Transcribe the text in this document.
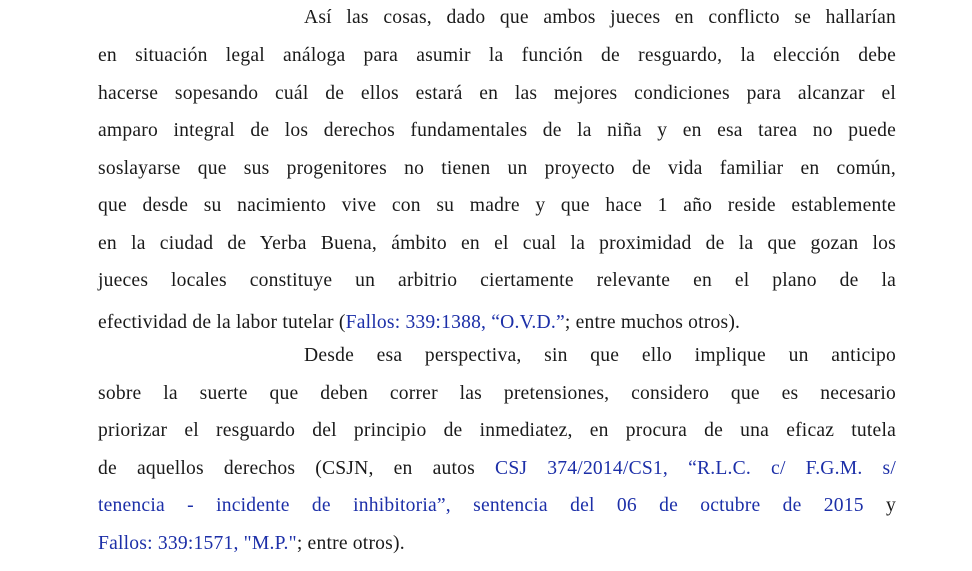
Así las cosas, dado que ambos jueces en conflicto se hallarían
en situación legal análoga para asumir la función de resguardo, la elección debe
hacerse sopesando cuál de ellos estará en las mejores condiciones para alcanzar el
amparo integral de los derechos fundamentales de la niña y en esa tarea no puede
soslayarse que sus progenitores no tienen un proyecto de vida familiar en común,
que desde su nacimiento vive con su madre y que hace 1 año reside establemente
en la ciudad de Yerba Buena, ámbito en el cual la proximidad de la que gozan los
jueces locales constituye un arbitrio ciertamente relevante en el plano de la
efectividad de la labor tutelar (Fallos: 339:1388, “O.V.D.”; entre muchos otros).
Desde esa perspectiva, sin que ello implique un anticipo
sobre la suerte que deben correr las pretensiones, considero que es necesario
priorizar el resguardo del principio de inmediatez, en procura de una eficaz tutela
de aquellos derechos (CSJN, en autos CSJ 374/2014/CS1, “R.L.C. c/ F.G.M. s/
tenencia - incidente de inhibitoria”, sentencia del 06 de octubre de 2015 y
Fallos: 339:1571, "M.P."; entre otros).
